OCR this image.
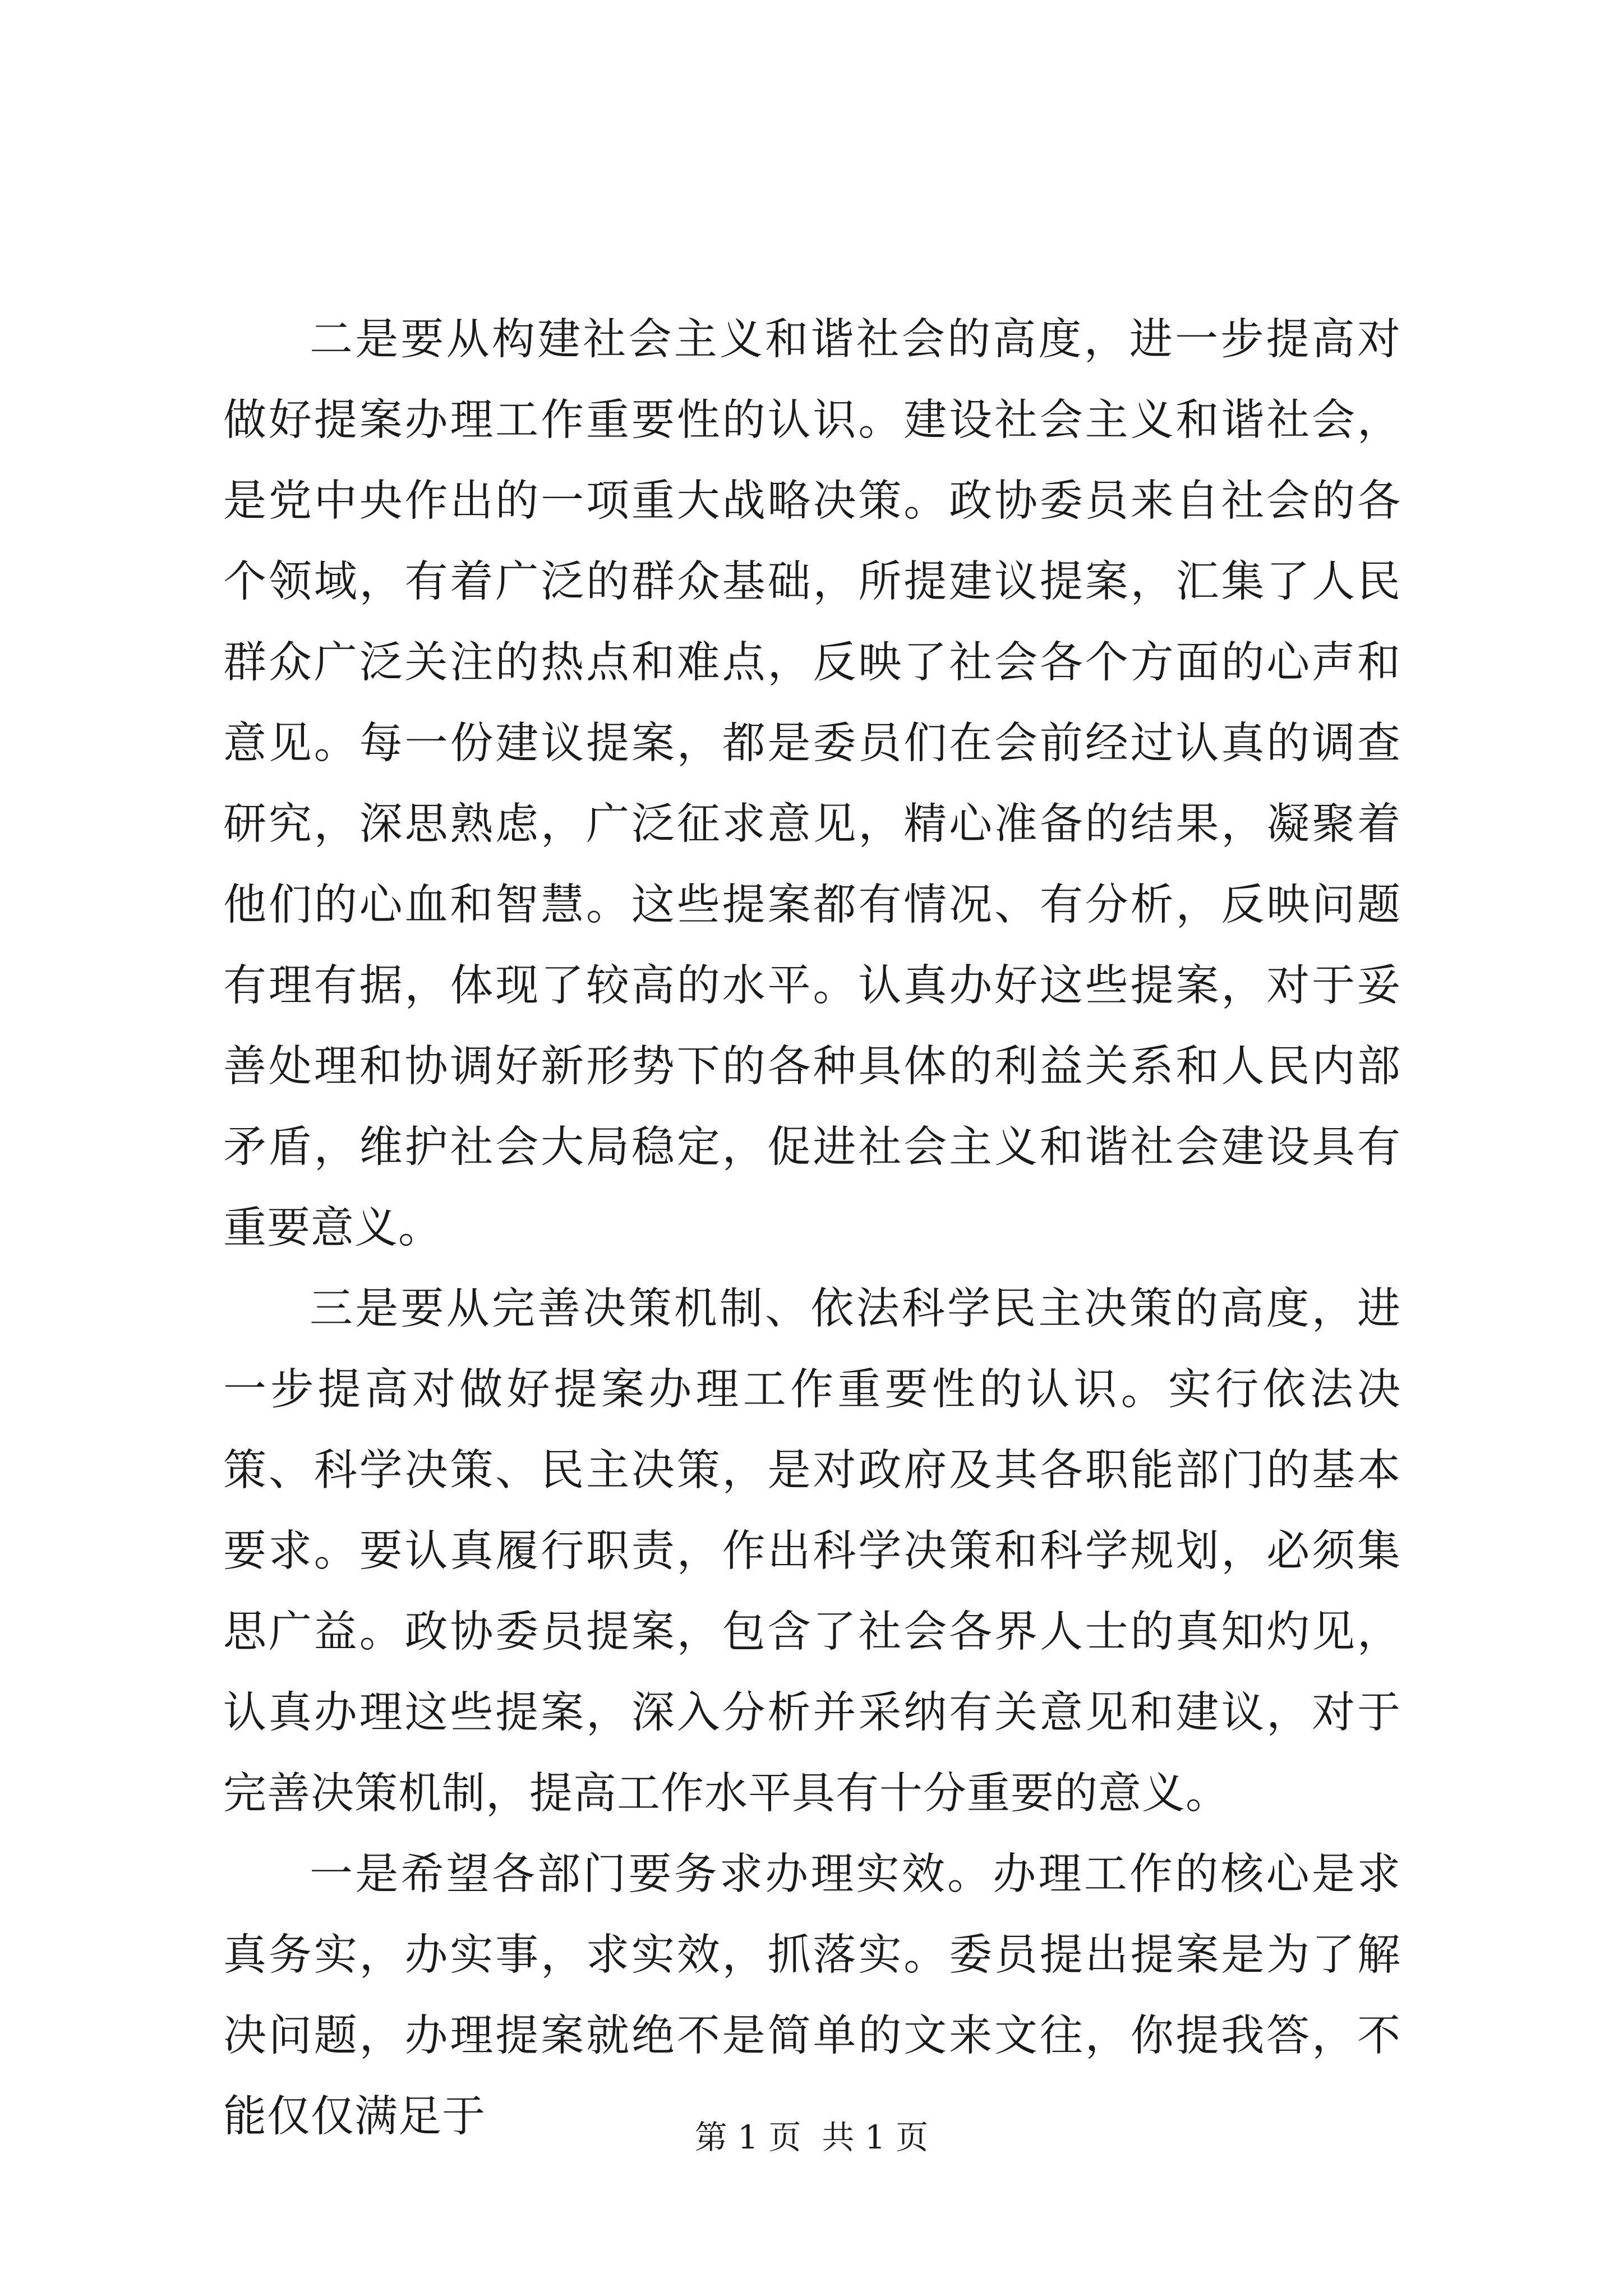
二是要从构建社会主义和谐社会的高度，进一步提高对做好提案办理工作重要性的认识。建设社会主义和谐社会，是党中央作出的一项重大战略决策。政协委员来自社会的各个领域，有着广泛的群众基础，所提建议提案，汇集了人民群众广泛关注的热点和难点，反映了社会各个方面的心声和意见。每一份建议提案，都是委员们在会前经过认真的调查研究，深思熟虑，广泛征求意见，精心准备的结果，凝聚着他们的心血和智慧。这些提案都有情况、有分析，反映问题有理有据，体现了较高的水平。认真办好这些提案，对于妥善处理和协调好新形势下的各种具体的利益关系和人民内部矛盾，维护社会大局稳定，促进社会主义和谐社会建设具有重要意义。

三是要从完善决策机制、依法科学民主决策的高度，进一步提高对做好提案办理工作重要性的认识。实行依法决策、科学决策、民主决策，是对政府及其各职能部门的基本要求。要认真履行职责，作出科学决策和科学规划，必须集思广益。政协委员提案，包含了社会各界人士的真知灼见，认真办理这些提案，深入分析并采纳有关意见和建议，对于完善决策机制，提高工作水平具有十分重要的意义。

一是希望各部门要务求办理实效。办理工作的核心是求真务实，办实事，求实效，抓落实。委员提出提案是为了解决问题，办理提案就绝不是简单的文来文往，你提我答，不能仅仅满足于	第 1 页  共 1 页
